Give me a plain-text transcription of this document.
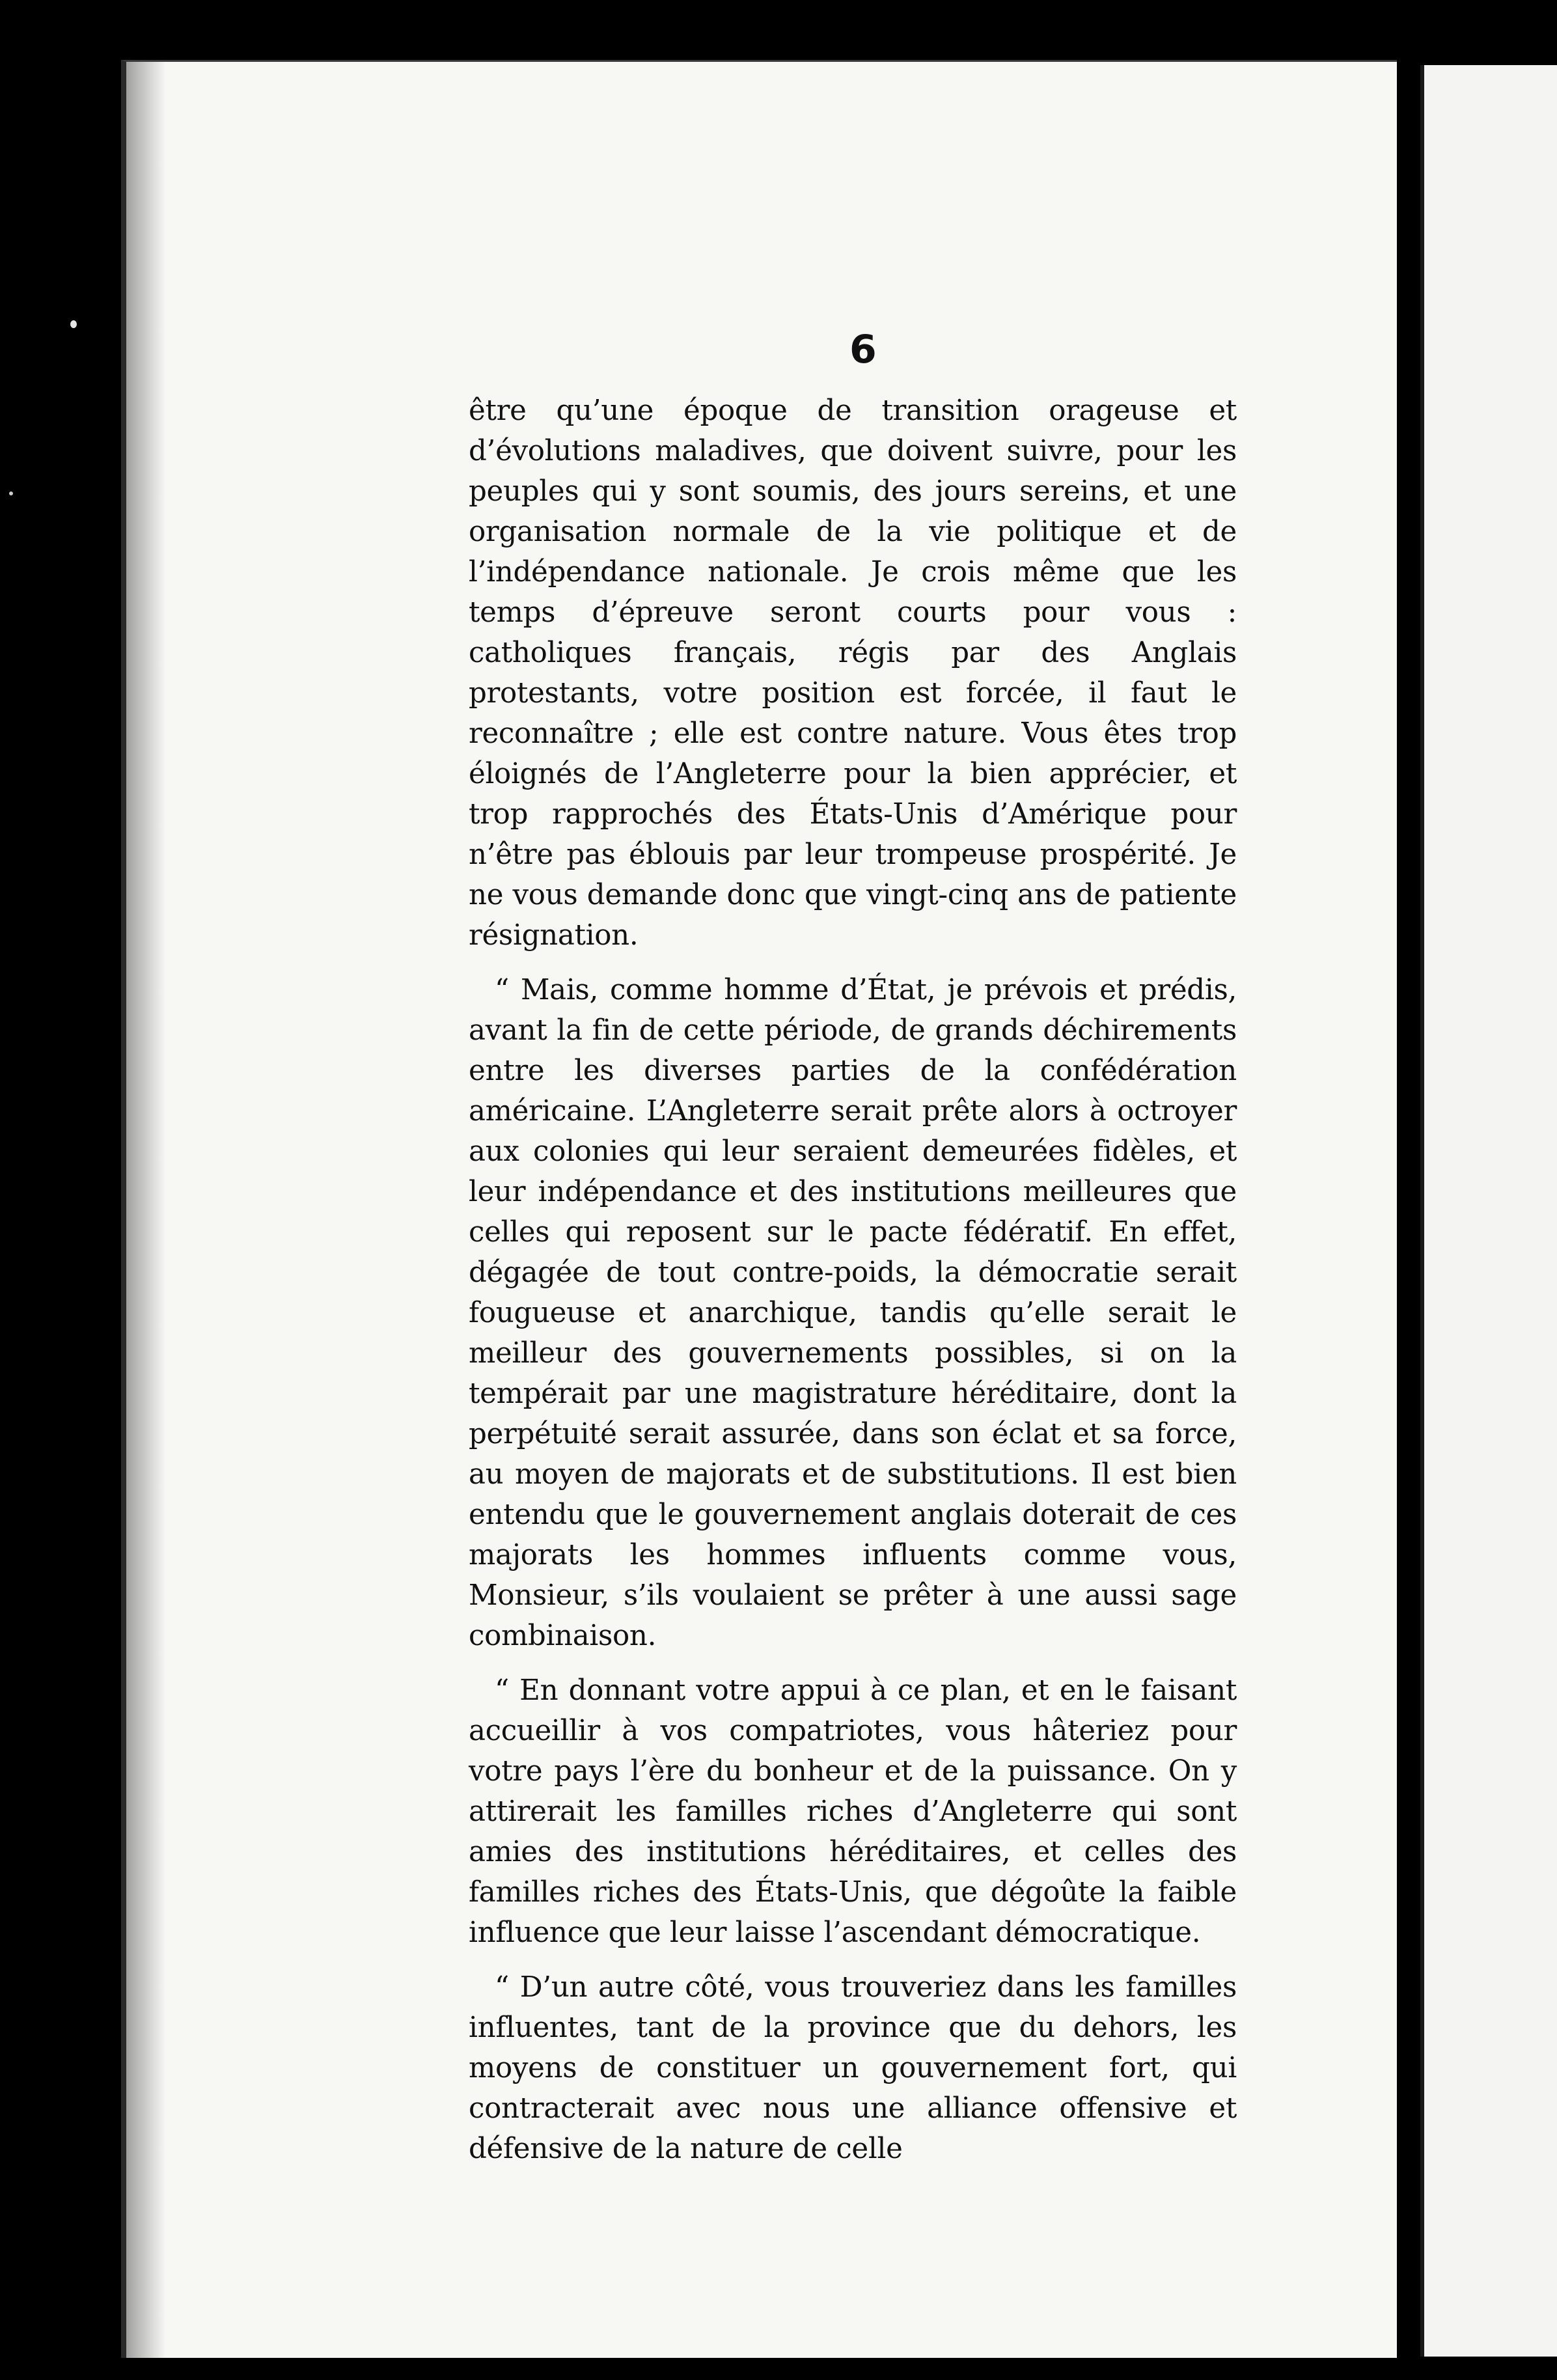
6

être qu’une époque de transition orageuse et d’évolutions maladives, que doivent suivre, pour les peuples qui y sont soumis, des jours sereins, et une organisation normale de la vie politique et de l’indépendance nationale. Je crois même que les temps d’épreuve seront courts pour vous : catholiques français, régis par des Anglais protestants, votre position est forcée, il faut le reconnaître ; elle est contre nature. Vous êtes trop éloignés de l’Angleterre pour la bien apprécier, et trop rapprochés des États-Unis d’Amérique pour n’être pas éblouis par leur trompeuse prospérité. Je ne vous demande donc que vingt-cinq ans de patiente résignation.

“ Mais, comme homme d’État, je prévois et prédis, avant la fin de cette période, de grands déchirements entre les diverses parties de la confédération américaine. L’Angleterre serait prête alors à octroyer aux colonies qui leur seraient demeurées fidèles, et leur indépendance et des institutions meilleures que celles qui reposent sur le pacte fédératif. En effet, dégagée de tout contre-poids, la démocratie serait fougueuse et anarchique, tandis qu’elle serait le meilleur des gouvernements possibles, si on la tempérait par une magistrature héréditaire, dont la perpétuité serait assurée, dans son éclat et sa force, au moyen de majorats et de substitutions. Il est bien entendu que le gouvernement anglais doterait de ces majorats les hommes influents comme vous, Monsieur, s’ils voulaient se prêter à une aussi sage combinaison.

“ En donnant votre appui à ce plan, et en le faisant accueillir à vos compatriotes, vous hâteriez pour votre pays l’ère du bonheur et de la puissance. On y attirerait les familles riches d’Angleterre qui sont amies des institutions héréditaires, et celles des familles riches des États-Unis, que dégoûte la faible influence que leur laisse l’ascendant démocratique.

“ D’un autre côté, vous trouveriez dans les familles influentes, tant de la province que du dehors, les moyens de constituer un gouvernement fort, qui contracterait avec nous une alliance offensive et défensive de la nature de celle
